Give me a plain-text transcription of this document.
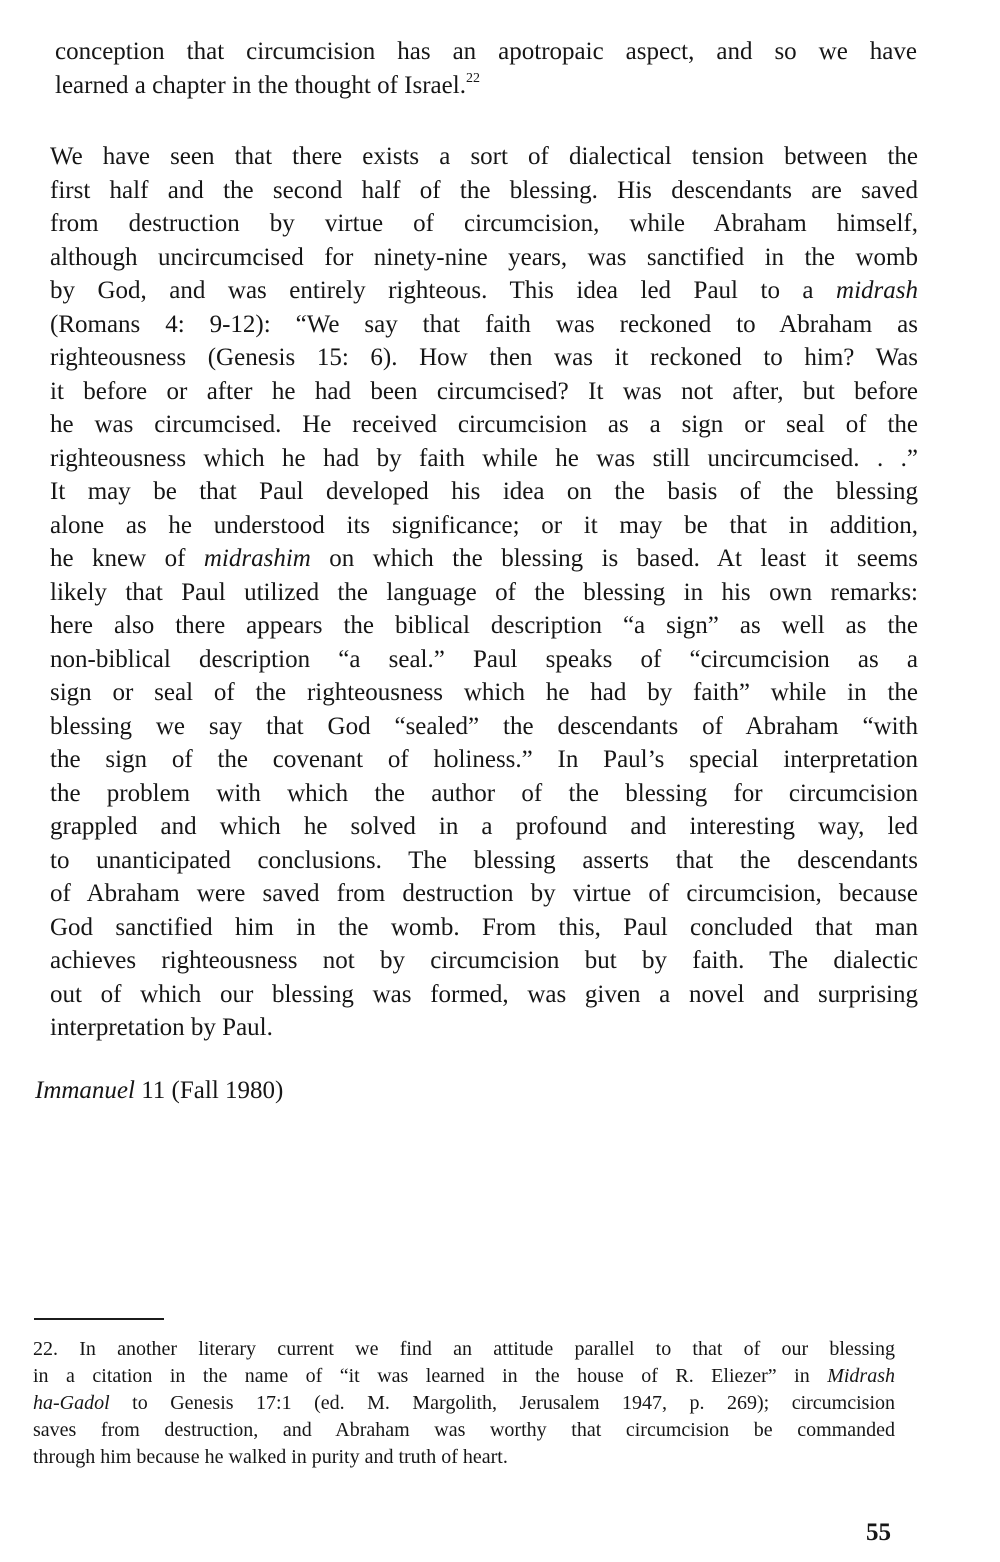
conception that circumcision has an apotropaic aspect, and so we have
learned a chapter in the thought of Israel.$^{22}$
We have seen that there exists a sort of dialectical tension between the
first half and the second half of the blessing. His descendants are saved
from destruction by virtue of circumcision, while Abraham himself,
although uncircumcised for ninety-nine years, was sanctified in the womb
by God, and was entirely righteous. This idea led Paul to a midrash
(Romans 4: 9-12): “We say that faith was reckoned to Abraham as
righteousness (Genesis 15: 6). How then was it reckoned to him? Was
it before or after he had been circumcised? It was not after, but before
he was circumcised. He received circumcision as a sign or seal of the
righteousness which he had by faith while he was still uncircumcised. . .”
It may be that Paul developed his idea on the basis of the blessing
alone as he understood its significance; or it may be that in addition,
he knew of midrashim on which the blessing is based. At least it seems
likely that Paul utilized the language of the blessing in his own remarks:
here also there appears the biblical description “a sign” as well as the
non-biblical description “a seal.” Paul speaks of “circumcision as a
sign or seal of the righteousness which he had by faith” while in the
blessing we say that God “sealed” the descendants of Abraham “with
the sign of the covenant of holiness.” In Paul’s special interpretation
the problem with which the author of the blessing for circumcision
grappled and which he solved in a profound and interesting way, led
to unanticipated conclusions. The blessing asserts that the descendants
of Abraham were saved from destruction by virtue of circumcision, because
God sanctified him in the womb. From this, Paul concluded that man
achieves righteousness not by circumcision but by faith. The dialectic
out of which our blessing was formed, was given a novel and surprising
interpretation by Paul.
Immanuel 11 (Fall 1980)
22. In another literary current we find an attitude parallel to that of our blessing
in a citation in the name of “it was learned in the house of R. Eliezer” in Midrash
ha-Gadol to Genesis 17:1 (ed. M. Margolith, Jerusalem 1947, p. 269); circumcision
saves from destruction, and Abraham was worthy that circumcision be commanded
through him because he walked in purity and truth of heart.
55
